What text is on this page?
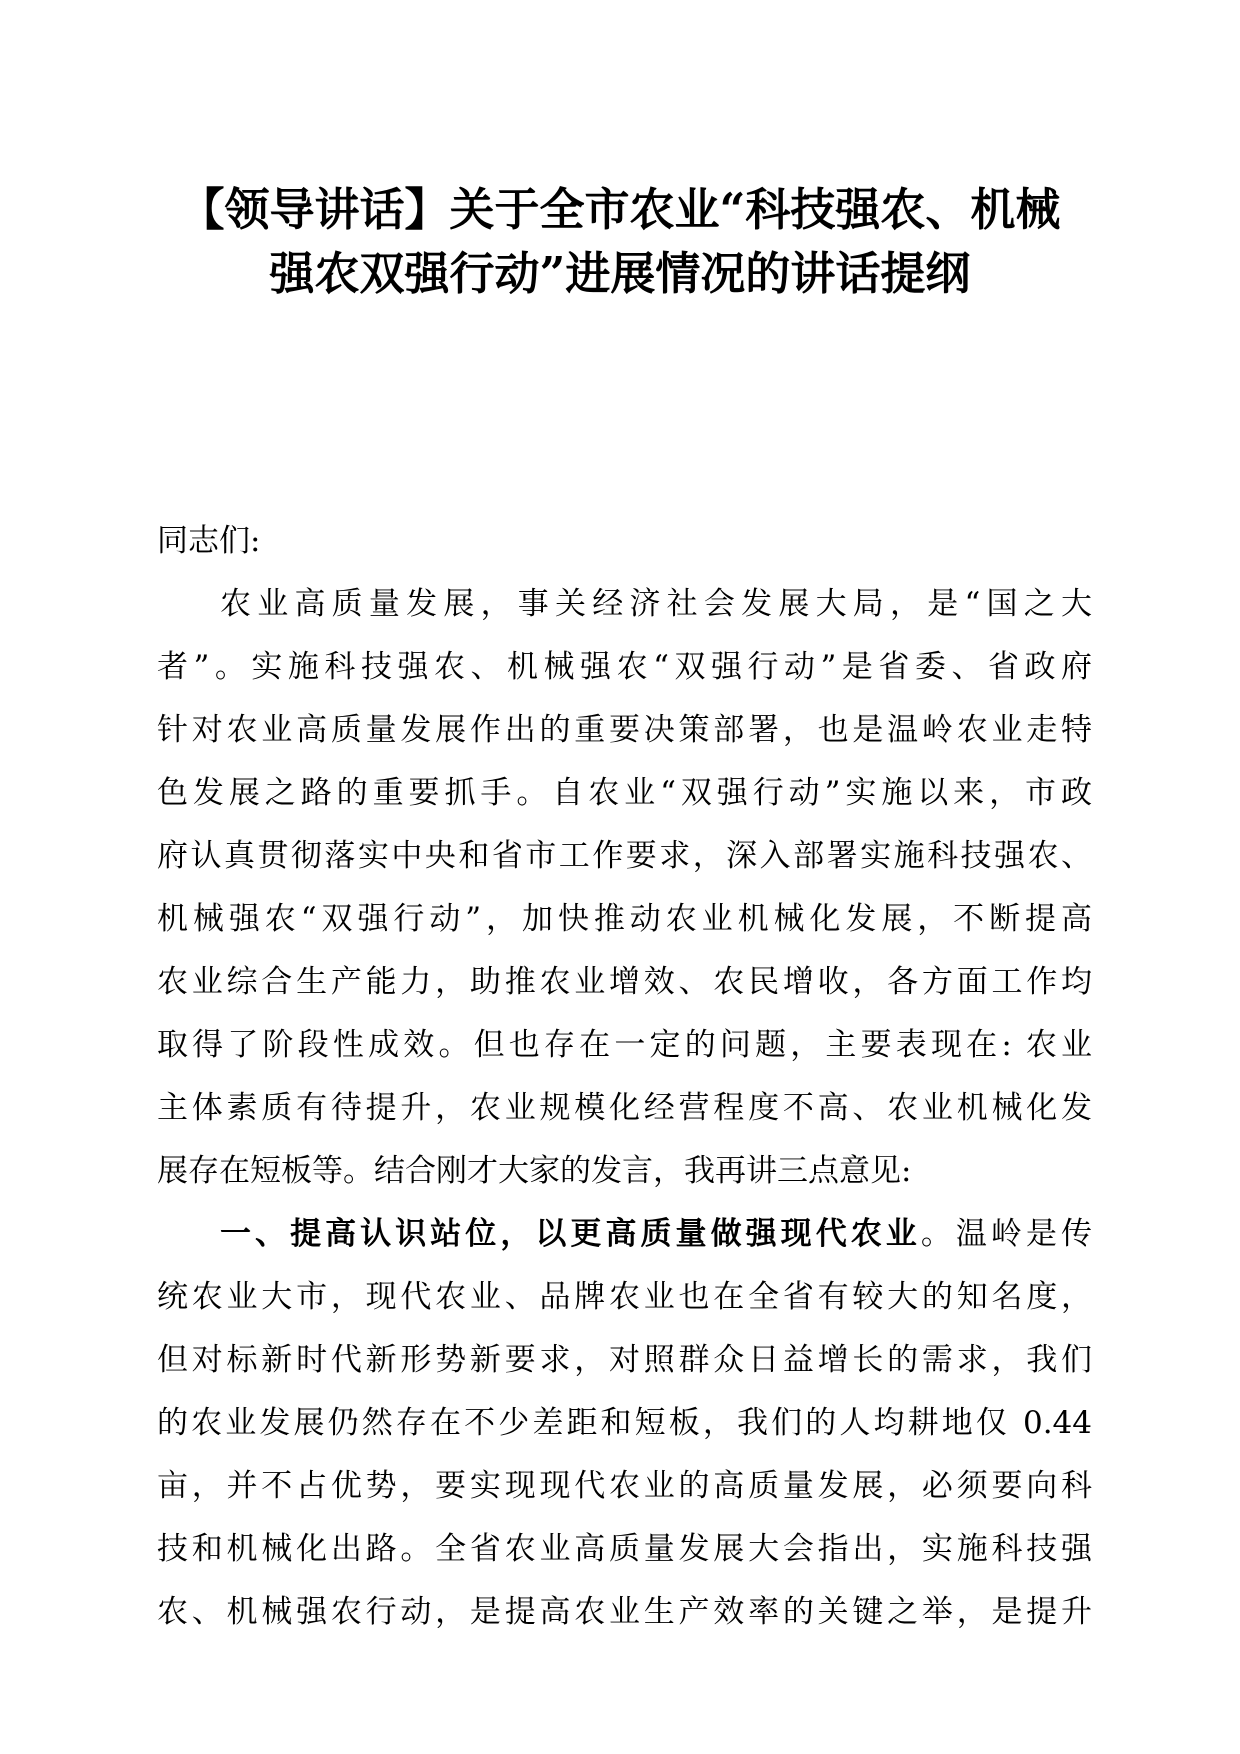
【领导讲话】关于全市农业“科技强农、机械
强农双强行动”进展情况的讲话提纲
同志们:
农业高质量发展，事关经济社会发展大局，是“国之大
者”。实施科技强农、机械强农“双强行动”是省委、省政府
针对农业高质量发展作出的重要决策部署，也是温岭农业走特
色发展之路的重要抓手。自农业“双强行动”实施以来，市政
府认真贯彻落实中央和省市工作要求，深入部署实施科技强农、
机械强农“双强行动”，加快推动农业机械化发展，不断提高
农业综合生产能力，助推农业增效、农民增收，各方面工作均
取得了阶段性成效。但也存在一定的问题，主要表现在: 农业
主体素质有待提升，农业规模化经营程度不高、农业机械化发
展存在短板等。结合刚才大家的发言，我再讲三点意见:
一、提高认识站位，以更高质量做强现代农业。温岭是传
统农业大市，现代农业、品牌农业也在全省有较大的知名度，
但对标新时代新形势新要求，对照群众日益增长的需求，我们
的农业发展仍然存在不少差距和短板，我们的人均耕地仅 0.44
亩，并不占优势，要实现现代农业的高质量发展，必须要向科
技和机械化出路。全省农业高质量发展大会指出，实施科技强
农、机械强农行动，是提高农业生产效率的关键之举，是提升
